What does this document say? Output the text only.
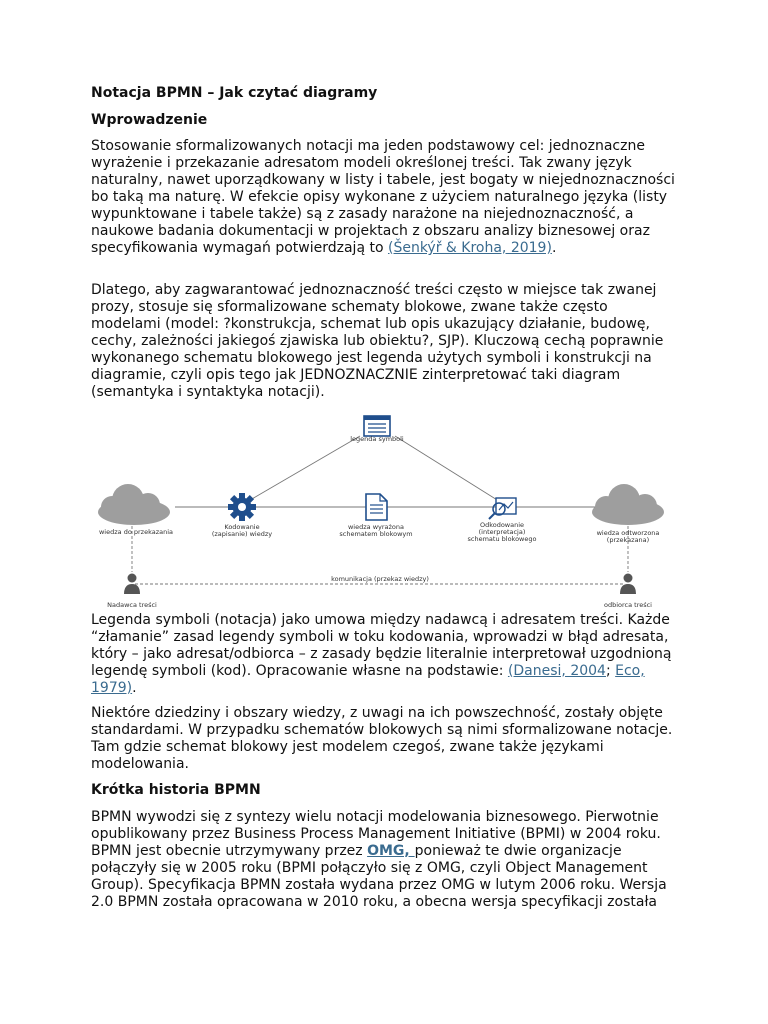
Notacja BPMN – Jak czytać diagramy
Wprowadzenie

Stosowanie sformalizowanych notacji ma jeden podstawowy cel: jednoznaczne wyrażenie i przekazanie adresatom modeli określonej treści. Tak zwany język naturalny, nawet uporządkowany w listy i tabele, jest bogaty w niejednoznaczności bo taką ma naturę. W efekcie opisy wykonane z użyciem naturalnego języka (listy wypunktowane i tabele także) są z zasady narażone na niejednoznaczność, a naukowe badania dokumentacji w projektach z obszaru analizy biznesowej oraz specyfikowania wymagań potwierdzają to (Šenkýř & Kroha, 2019).

Dlatego, aby zagwarantować jednoznaczność treści często w miejsce tak zwanej prozy, stosuje się sformalizowane schematy blokowe, zwane także często modelami (model: ?konstrukcja, schemat lub opis ukazujący działanie, budowę, cechy, zależności jakiegoś zjawiska lub obiektu?, SJP). Kluczową cechą poprawnie wykonanego schematu blokowego jest legenda użytych symboli i konstrukcji na diagramie, czyli opis tego jak JEDNOZNACZNIE zinterpretować taki diagram (semantyka i syntaktyka notacji).

legenda symboli
wiedza do przekazania
Kodowanie
(zapisanie) wiedzy
wiedza wyrażona
schematem blokowym
Odkodowanie
(interpretacja)
schematu blokowego
wiedza odtworzona
(przekazana)
Nadawca treści	odbiorca treści
komunikacja (przekaz wiedzy)

Legenda symboli (notacja) jako umowa między nadawcą i adresatem treści. Każde “złamanie” zasad legendy symboli w toku kodowania, wprowadzi w błąd adresata, który – jako adresat/odbiorca – z zasady będzie literalnie interpretował uzgodnioną legendę symboli (kod). Opracowanie własne na podstawie: (Danesi, 2004; Eco, 1979).

Niektóre dziedziny i obszary wiedzy, z uwagi na ich powszechność, zostały objęte standardami. W przypadku schematów blokowych są nimi sformalizowane notacje. Tam gdzie schemat blokowy jest modelem czegoś, zwane także językami modelowania.

Krótka historia BPMN

BPMN wywodzi się z syntezy wielu notacji modelowania biznesowego. Pierwotnie opublikowany przez Business Process Management Initiative (BPMI) w 2004 roku. BPMN jest obecnie utrzymywany przez OMG, ponieważ te dwie organizacje połączyły się w 2005 roku (BPMI połączyło się z OMG, czyli Object Management Group). Specyfikacja BPMN została wydana przez OMG w lutym 2006 roku. Wersja 2.0 BPMN została opracowana w 2010 roku, a obecna wersja specyfikacji została
